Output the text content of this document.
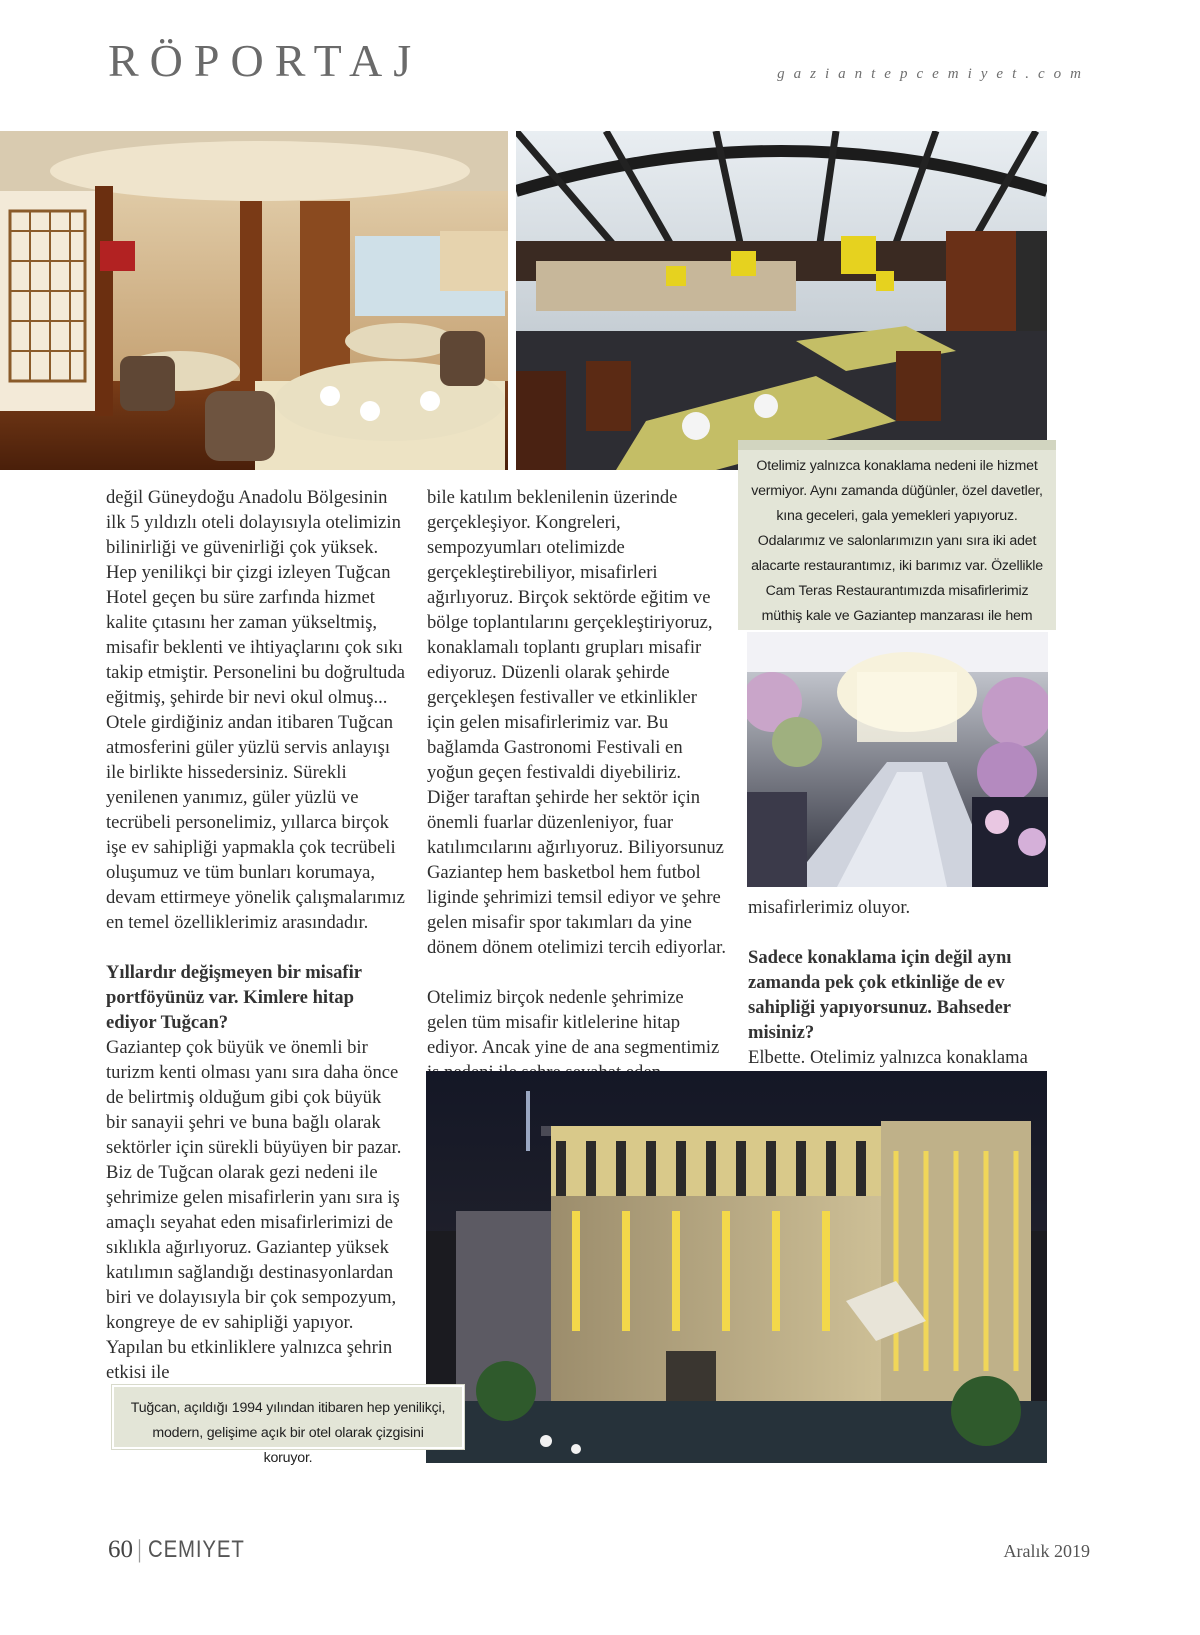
RÖPORTAJ	gaziantepcemiyet.com
Otelimiz yalnızca konaklama nedeni ile hizmet vermiyor. Aynı zamanda düğünler, özel davetler, kına geceleri, gala yemekleri yapıyoruz. Odalarımız ve salonlarımızın yanı sıra iki adet alacarte restaurantımız, iki barımız var. Özellikle Cam Teras Restaurantımızda misafirlerimiz müthiş kale ve Gaziantep manzarası ile hem

değil Güneydoğu Anadolu Bölgesinin ilk 5 yıldızlı oteli dolayısıyla otelimizin bilinirliği ve güvenirliği çok yüksek. Hep yenilikçi bir çizgi izleyen Tuğcan Hotel geçen bu süre zarfında hizmet kalite çıtasını her zaman yükseltmiş, misafir beklenti ve ihtiyaçlarını çok sıkı takip etmiştir. Personelini bu doğrultuda eğitmiş, şehirde bir nevi okul olmuş... Otele girdiğiniz andan itibaren Tuğcan atmosferini güler yüzlü servis anlayışı ile birlikte hissedersiniz. Sürekli yenilenen yanımız, güler yüzlü ve tecrübeli personelimiz, yıllarca birçok işe ev sahipliği yapmakla çok tecrübeli oluşumuz ve tüm bunları korumaya, devam ettirmeye yönelik çalışmalarımız en temel özelliklerimiz arasındadır.

Yıllardır değişmeyen bir misafir portföyünüz var. Kimlere hitap ediyor Tuğcan?

Gaziantep çok büyük ve önemli bir turizm kenti olması yanı sıra daha önce de belirtmiş olduğum gibi çok büyük bir sanayii şehri ve buna bağlı olarak sektörler için sürekli büyüyen bir pazar. Biz de Tuğcan olarak gezi nedeni ile şehrimize gelen misafirlerin yanı sıra iş amaçlı seyahat eden misafirlerimizi de sıklıkla ağırlıyoruz. Gaziantep yüksek katılımın sağlandığı destinasyonlardan biri ve dolayısıyla bir çok sempozyum, kongreye de ev sahipliği yapıyor. Yapılan bu etkinliklere yalnızca şehrin etkisi ile

bile katılım beklenilenin üzerinde gerçekleşiyor. Kongreleri, sempozyumları otelimizde gerçekleştirebiliyor, misafirleri ağırlıyoruz. Birçok sektörde eğitim ve bölge toplantılarını gerçekleştiriyoruz, konaklamalı toplantı grupları misafir ediyoruz. Düzenli olarak şehirde gerçekleşen festivaller ve etkinlikler için gelen misafirlerimiz var. Bu bağlamda Gastronomi Festivali en yoğun geçen festivaldi diyebiliriz. Diğer taraftan şehirde her sektör için önemli fuarlar düzenleniyor, fuar katılımcılarını ağırlıyoruz. Biliyorsunuz Gaziantep hem basketbol hem futbol liginde şehrimizi temsil ediyor ve şehre gelen misafir spor takımları da yine dönem dönem otelimizi tercih ediyorlar.

Otelimiz birçok nedenle şehrimize gelen tüm misafir kitlelerine hitap ediyor. Ancak yine de ana segmentimiz

misafirlerimiz oluyor.

Sadece konaklama için değil aynı zamanda pek çok etkinliğe de ev sahipliği yapıyorsunuz. Bahseder misiniz?

Elbette. Otelimiz yalnızca konaklama

Tuğcan, açıldığı 1994 yılından itibaren hep yenilikçi, modern, gelişime açık bir otel olarak çizgisini koruyor.
60 | CEMIYET	Aralık 2019
